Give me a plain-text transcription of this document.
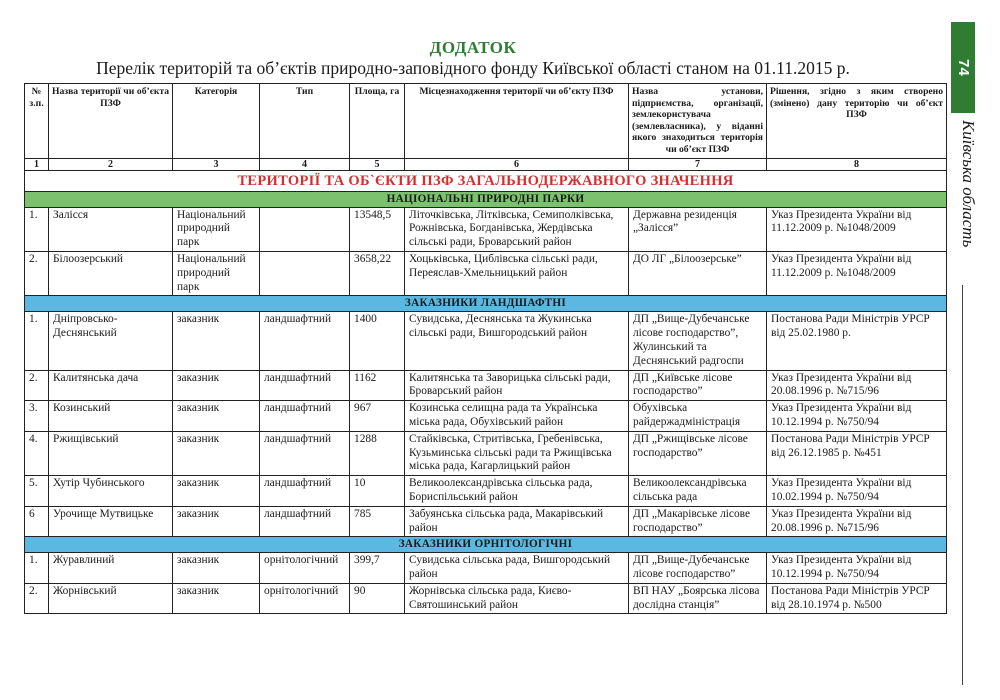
ДОДАТОК
Перелік територій та об’єктів природно-заповідного фонду Київської області станом на 01.11.2015 р.
№ з.п.	Назва території чи об’єкта ПЗФ	Категорія	Тип	Площа, га	Місцезнаходження території чи об’єкту ПЗФ	Назва установи, підприємства, організації, землекористувача (землевласника), у віданні якого знаходиться територія чи об’єкт ПЗФ	Рішення, згідно з яким створено (змінено) дану територію чи об’єкт ПЗФ
1	2	3	4	5	6	7	8
ТЕРИТОРІЇ ТА ОБ`ЄКТИ ПЗФ ЗАГАЛЬНОДЕРЖАВНОГО ЗНАЧЕННЯ							
НАЦІОНАЛЬНІ ПРИРОДНІ ПАРКИ							
1.	Залісся	Національний природний парк		13548,5	Літочківська, Літківська, Семиполківська, Рожнівська, Богданівська, Жердівська сільські ради, Броварський район	Державна резиденція „Залісся”	Указ Президента України від 11.12.2009 р. №1048/2009
2.	Білоозерський	Національний природний парк		3658,22	Хоцьківська, Циблівська сільські ради, Переяслав-Хмельницький район	ДО ЛГ „Білоозерське”	Указ Президента України від 11.12.2009 р. №1048/2009
ЗАКАЗНИКИ ЛАНДШАФТНІ							
1.	Дніпровсько-Деснянський	заказник	ландшафтний	1400	Сувидська, Деснянська та Жукинська сільські ради, Вишгородський район	ДП „Вище-Дубечанське лісове господарство”, Жулинський та Деснянський радгоспи	Постанова Ради Міністрів УРСР від 25.02.1980 р.
2.	Калитянська дача	заказник	ландшафтний	1162	Калитянська та Заворицька сільські ради, Броварський район	ДП „Київське лісове господарство”	Указ Президента України від 20.08.1996 р. №715/96
3.	Козинський	заказник	ландшафтний	967	Козинська селищна рада та Українська міська рада, Обухівський район	Обухівська райдержадміністрація	Указ Президента України від 10.12.1994 р. №750/94
4.	Ржищівський	заказник	ландшафтний	1288	Стайківська, Стритівська, Гребенівська, Кузьминська сільські ради та Ржищівська міська рада, Кагарлицький район	ДП „Ржищівське лісове господарство”	Постанова Ради Міністрів УРСР від 26.12.1985 р. №451
5.	Хутір Чубинського	заказник	ландшафтний	10	Великоолександрівська сільська рада, Бориспільський район	Великоолександрівська сільська рада	Указ Президента України від 10.02.1994 р. №750/94
6	Урочище Мутвицьке	заказник	ландшафтний	785	Забуянська сільська рада, Макарівський район	ДП „Макарівське лісове господарство”	Указ Президента України від 20.08.1996 р. №715/96
ЗАКАЗНИКИ ОРНІТОЛОГІЧНІ							
1.	Журавлиний	заказник	орнітологічний	399,7	Сувидська сільська рада, Вишгородський район	ДП „Вище-Дубечанське лісове господарство”	Указ Президента України від 10.12.1994 р. №750/94
2.	Жорнівський	заказник	орнітологічний	90	Жорнівська сільська рада, Києво-Святошинський район	ВП НАУ „Боярська лісова дослідна станція”	Постанова Ради Міністрів УРСР від 28.10.1974 р. №500
74
Київська область
